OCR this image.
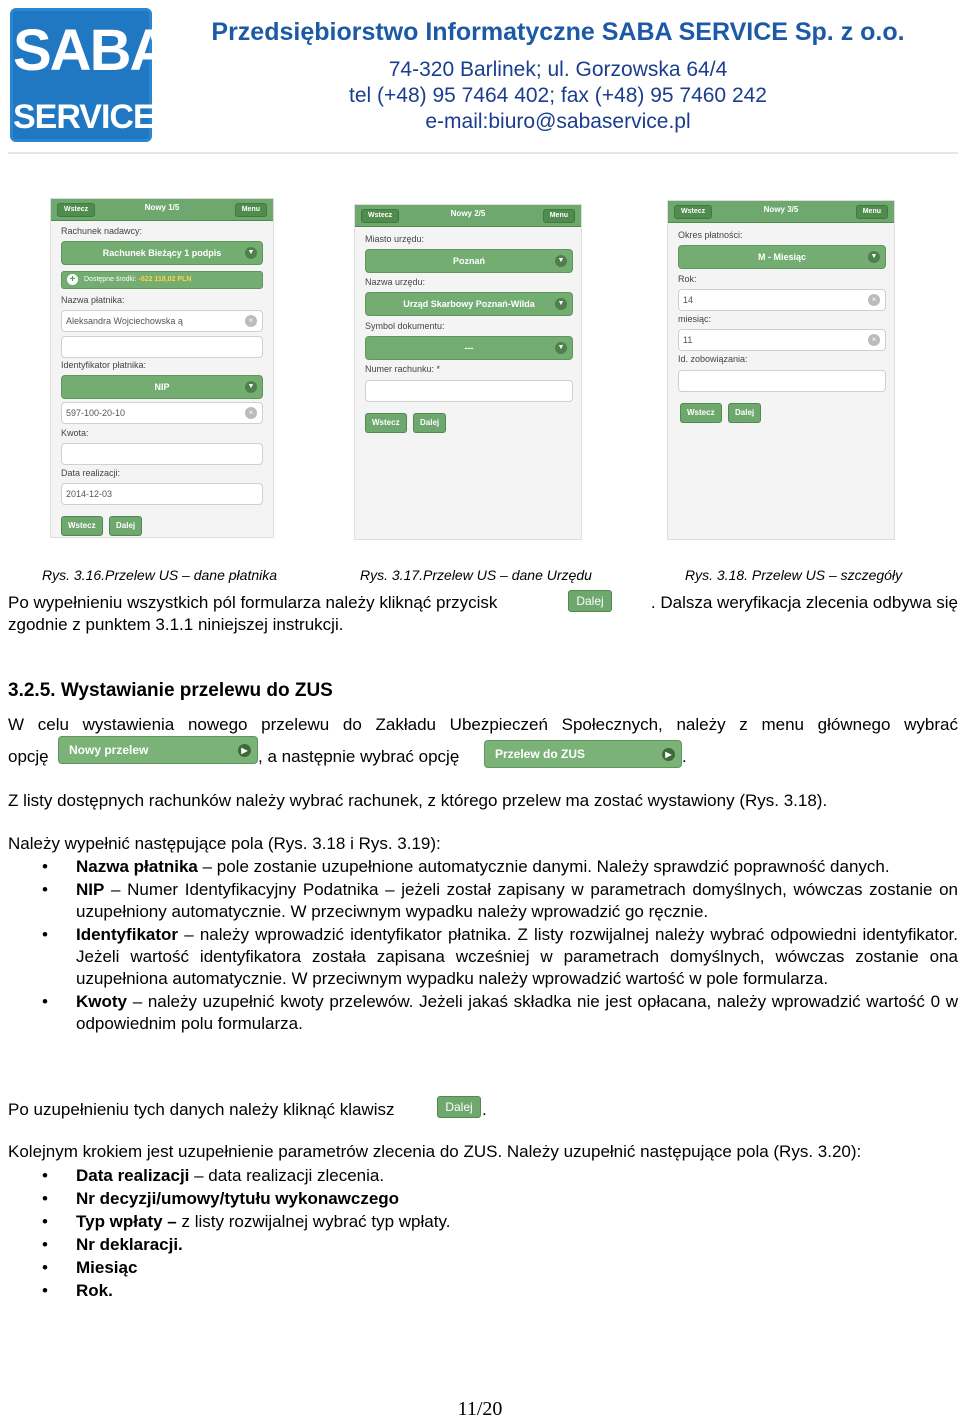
SABA
SERVICE
Przedsiębiorstwo Informatyczne SABA SERVICE Sp. z o.o.
74-320 Barlinek; ul. Gorzowska 64/4
tel (+48) 95 7464 402; fax (+48) 95 7460 242
e-mail:biuro@sabaservice.pl
Nowy 1/5
Wstecz	Menu
Rachunek nadawcy:
Rachunek Bieżący 1 podpis	▼
+	Dostępne środki: -622 118,02 PLN
Nazwa płatnika:
Aleksandra Wojciechowska ą	×
Identyfikator płatnika:
NIP	▼
597-100-20-10	×
Kwota:
Data realizacji:
2014-12-03
Wstecz	Dalej
Nowy 2/5
Wstecz	Menu
Miasto urzędu:
Poznań	▼
Nazwa urzędu:
Urząd Skarbowy Poznań-Wilda	▼
Symbol dokumentu:
---	▼
Numer rachunku: *
Wstecz	Dalej
Nowy 3/5
Wstecz	Menu
Okres płatności:
M - Miesiąc	▼
Rok:
14	×
miesiąc:
11	×
Id. zobowiązania:
Wstecz	Dalej
Rys. 3.16.Przelew US – dane płatnika	Rys. 3.17.Przelew US – dane Urzędu	Rys. 3.18. Przelew US – szczegóły
Po wypełnieniu wszystkich pól formularza należy kliknąć przycisk	Dalej	. Dalsza weryfikacja zlecenia odbywa się
zgodnie z punktem 3.1.1 niniejszej instrukcji.
3.2.5. Wystawianie przelewu do ZUS
W celu wystawienia nowego przelewu do Zakładu Ubezpieczeń Społecznych, należy z menu głównego wybrać
opcję	Nowy przelew	▶ , a następnie wybrać opcję	Przelew do ZUS	▶ .
Z listy dostępnych rachunków należy wybrać rachunek, z którego przelew ma zostać wystawiony (Rys. 3.18).
Należy wypełnić następujące pola (Rys. 3.18 i Rys. 3.19):
• Nazwa płatnika – pole zostanie uzupełnione automatycznie danymi. Należy sprawdzić poprawność danych.
• NIP – Numer Identyfikacyjny Podatnika – jeżeli został zapisany w parametrach domyślnych, wówczas zostanie on uzupełniony automatycznie. W przeciwnym wypadku należy wprowadzić go ręcznie.
• Identyfikator – należy wprowadzić identyfikator płatnika. Z listy rozwijalnej należy wybrać odpowiedni identyfikator. Jeżeli wartość identyfikatora została zapisana wcześniej w parametrach domyślnych, wówczas zostanie ona uzupełniona automatycznie. W przeciwnym wypadku należy wprowadzić wartość w pole formularza.
• Kwoty – należy uzupełnić kwoty przelewów. Jeżeli jakaś składka nie jest opłacana, należy wprowadzić wartość 0 w odpowiednim polu formularza.
Po uzupełnieniu tych danych należy kliknąć klawisz	Dalej .
Kolejnym krokiem jest uzupełnienie parametrów zlecenia do ZUS. Należy uzupełnić następujące pola (Rys. 3.20):
• Data realizacji – data realizacji zlecenia.
• Nr decyzji/umowy/tytułu wykonawczego
• Typ wpłaty – z listy rozwijalnej wybrać typ wpłaty.
• Nr deklaracji.
• Miesiąc
• Rok.
11/20
